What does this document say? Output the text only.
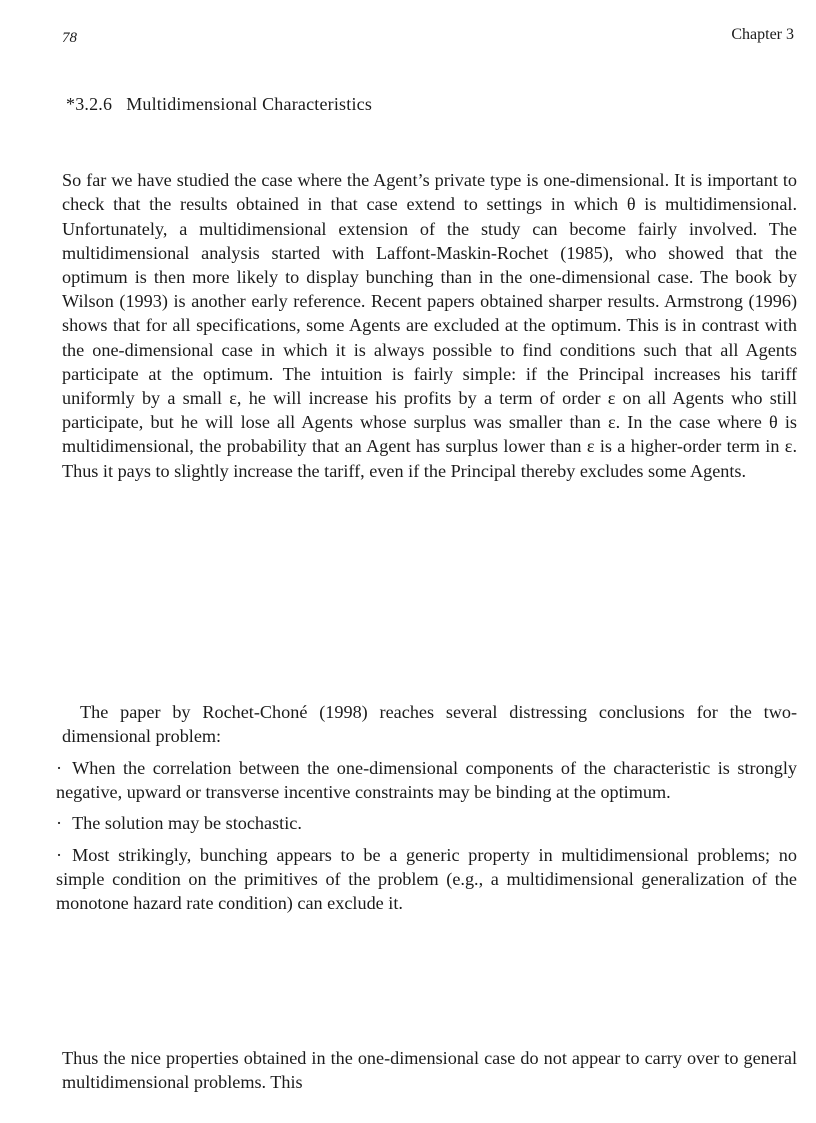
78	Chapter 3
*3.2.6 Multidimensional Characteristics

So far we have studied the case where the Agent’s private type is one-dimensional. It is important to check that the results obtained in that case extend to settings in which θ is multidimensional. Unfortunately, a multidimensional extension of the study can become fairly involved. The multidimensional analysis started with Laffont-Maskin-Rochet (1985), who showed that the optimum is then more likely to display bunching than in the one-dimensional case. The book by Wilson (1993) is another early reference. Recent papers obtained sharper results. Armstrong (1996) shows that for all specifications, some Agents are excluded at the optimum. This is in contrast with the one-dimensional case in which it is always possible to find conditions such that all Agents participate at the optimum. The intuition is fairly simple: if the Principal increases his tariff uniformly by a small ε, he will increase his profits by a term of order ε on all Agents who still participate, but he will lose all Agents whose surplus was smaller than ε. In the case where θ is multidimensional, the probability that an Agent has surplus lower than ε is a higher-order term in ε. Thus it pays to slightly increase the tariff, even if the Principal thereby excludes some Agents.

The paper by Rochet-Choné (1998) reaches several distressing conclusions for the two-dimensional problem:

· When the correlation between the one-dimensional components of the characteristic is strongly negative, upward or transverse incentive constraints may be binding at the optimum.
· The solution may be stochastic.
· Most strikingly, bunching appears to be a generic property in multidimensional problems; no simple condition on the primitives of the problem (e.g., a multidimensional generalization of the monotone hazard rate condition) can exclude it.

Thus the nice properties obtained in the one-dimensional case do not appear to carry over to general multidimensional problems. This
